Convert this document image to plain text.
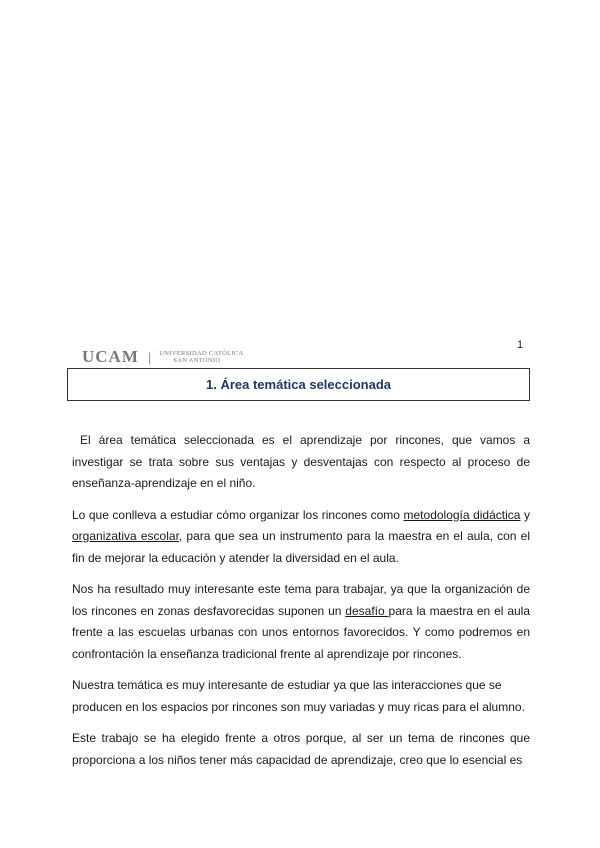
1
UCAM | UNIVERSIDAD CATÓLICA
SAN ANTONIO
1. Área temática seleccionada

El área temática seleccionada es el aprendizaje por rincones, que vamos a investigar se trata sobre sus ventajas y desventajas con respecto al proceso de enseñanza-aprendizaje en el niño.

Lo que conlleva a estudiar cómo organizar los rincones como metodología didáctica y organizativa escolar, para que sea un instrumento para la maestra en el aula, con el fin de mejorar la educación y atender la diversidad en el aula.

Nos ha resultado muy interesante este tema para trabajar, ya que la organización de los rincones en zonas desfavorecidas suponen un desafío para la maestra en el aula frente a las escuelas urbanas con unos entornos favorecidos. Y como podremos en confrontación la enseñanza tradicional frente al aprendizaje por rincones.

Nuestra temática es muy interesante de estudiar ya que las interacciones que se producen en los espacios por rincones son muy variadas y muy ricas para el alumno.

Este trabajo se ha elegido frente a otros porque, al ser un tema de rincones que proporciona a los niños tener más capacidad de aprendizaje, creo que lo esencial es
